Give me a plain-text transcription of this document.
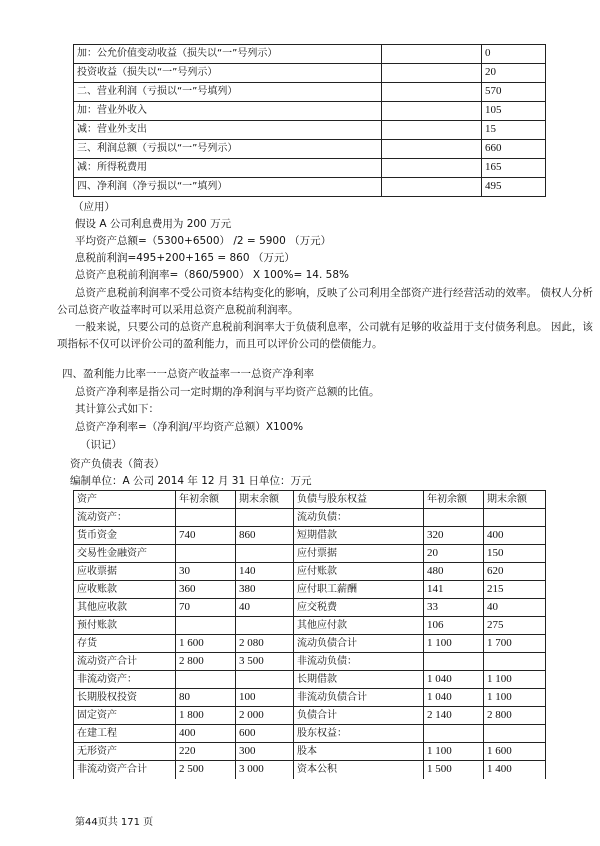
加：公允价值变动收益（损失以“一”号列示）		0
投资收益（损失以“一”号列示）		20
二、营业利润（亏损以“一”号填列）		570
加：营业外收入		105
减：营业外支出		15
三、利润总额（亏损以“一”号列示）		660
减：所得税费用		165
四、净利润（净亏损以“一”填列）		495
（应用）
假设 A 公司利息费用为 200 万元
平均资产总额=（5300+6500） /2 = 5900 （万元）
息税前利润=495+200+165 = 860 （万元）
总资产息税前利润率=（860/5900） X 100%= 14. 58%
总资产息税前利润率不受公司资本结构变化的影响，反映了公司利用全部资产进行经营活动的效率。 债权人分析
公司总资产收益率时可以采用总资产息税前利润率。
一般来说，只要公司的总资产息税前利润率大于负债利息率，公司就有足够的收益用于支付债务利息。 因此，该
项指标不仅可以评价公司的盈利能力，而且可以评价公司的偿债能力。
四、盈利能力比率一一总资产收益率一一总资产净利率
总资产净利率是指公司一定时期的净利润与平均资产总额的比值。
其计算公式如下：
总资产净利率=（净利润/平均资产总额）X100%
（识记）
资产负债表（简表）
编制单位：A 公司 2014 年 12 月 31 日单位：万元
资产	年初余额	期末余额	负债与股东权益	年初余额	期末余额
流动资产：			流动负债：		
货币资金	740	860	短期借款	320	400
交易性金融资产			应付票据	20	150
应收票据	30	140	应付账款	480	620
应收账款	360	380	应付职工薪酬	141	215
其他应收款	70	40	应交税费	33	40
预付账款			其他应付款	106	275
存货	1 600	2 080	流动负债合计	1 100	1 700
流动资产合计	2 800	3 500	非流动负债：		
非流动资产：			长期借款	1 040	1 100
长期股权投资	80	100	非流动负债合计	1 040	1 100
固定资产	1 800	2 000	负债合计	2 140	2 800
在建工程	400	600	股东权益：		
无形资产	220	300	股本	1 100	1 600
非流动资产合计	2 500	3 000	资本公积	1 500	1 400
第44页共 171 页
